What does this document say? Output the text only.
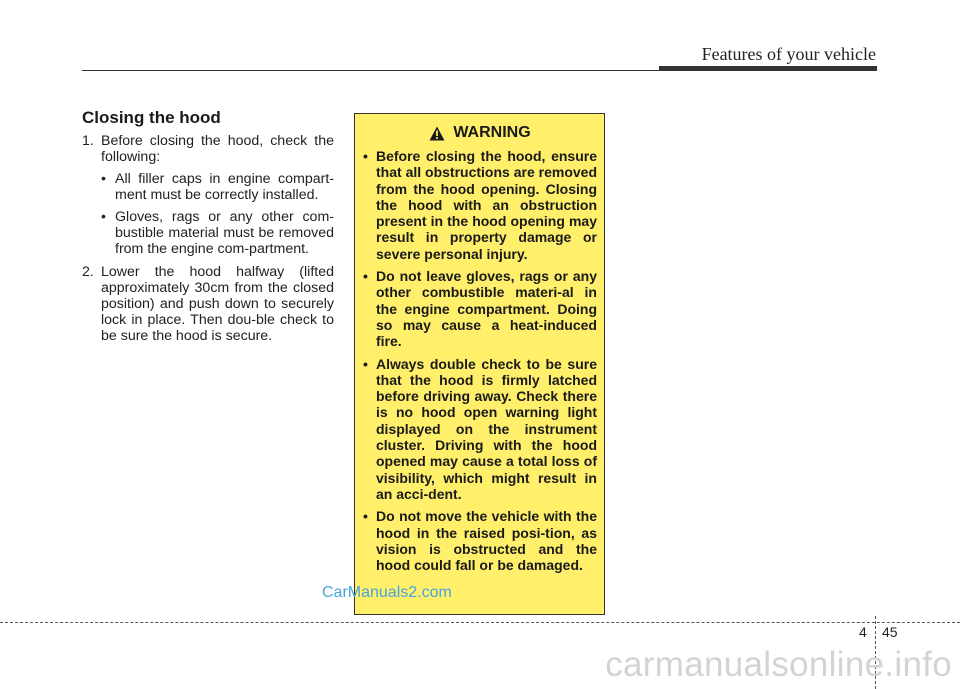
Features of your vehicle
Closing the hood
1. Before closing the hood, check the following:
• All filler caps in engine compart-ment must be correctly installed.
• Gloves, rags or any other com-bustible material must be removed from the engine com-partment.
2. Lower the hood halfway (lifted approximately 30cm from the closed position) and push down to securely lock in place. Then dou-ble check to be sure the hood is secure.
WARNING
• Before closing the hood, ensure that all obstructions are removed from the hood opening. Closing the hood with an obstruction present in the hood opening may result in property damage or severe personal injury.
• Do not leave gloves, rags or any other combustible materi-al in the engine compartment. Doing so may cause a heat-induced fire.
• Always double check to be sure that the hood is firmly latched before driving away. Check there is no hood open warning light displayed on the instrument cluster. Driving with the hood opened may cause a total loss of visibility, which might result in an acci-dent.
• Do not move the vehicle with the hood in the raised posi-tion, as vision is obstructed and the hood could fall or be damaged.
CarManuals2.com
4 45
carmanualsonline.info
